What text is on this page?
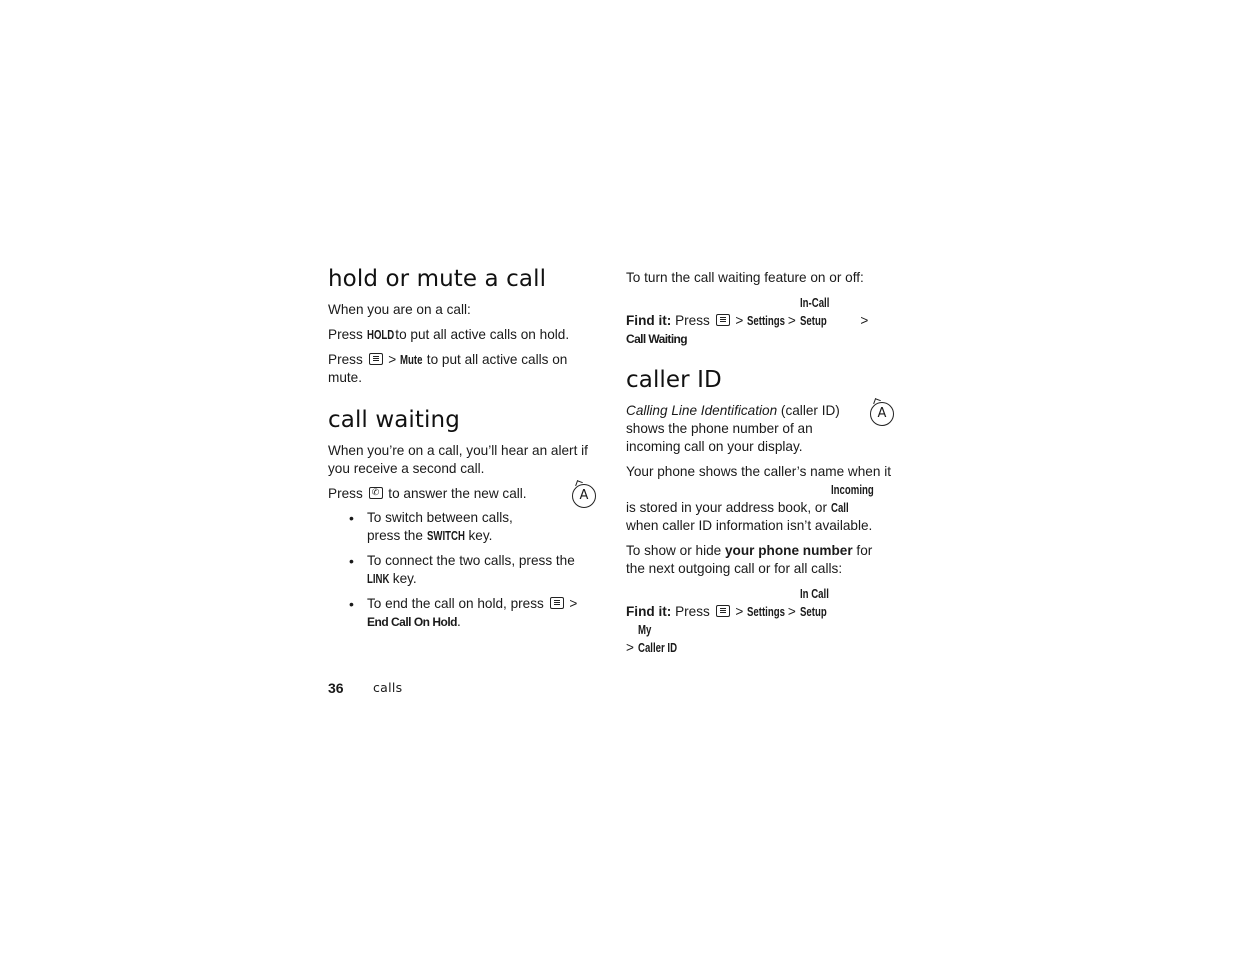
hold or mute a call

When you are on a call:

Press HOLD to put all active calls on hold.

Press  > Mute to put all active calls on mute.

call waiting

When you’re on a call, you’ll hear an alert if you receive a second call.

Press ✆ to answer the new call.	A
• To switch between calls, press the SWITCH key.
• To connect the two calls, press the LINK key.
• To end the call on hold, press  > End Call On Hold.

To turn the call waiting feature on or off:

Find it: Press  > Settings > In-Call Setup > Call Waiting

caller ID

Calling Line Identification (caller ID) shows the phone number of an incoming call on your display.

A

Your phone shows the caller’s name when it is stored in your address book, or Incoming Call when caller ID information isn’t available.

To show or hide your phone number for the next outgoing call or for all calls:

Find it: Press  > Settings > In Call Setup
> My Caller ID

36 calls
